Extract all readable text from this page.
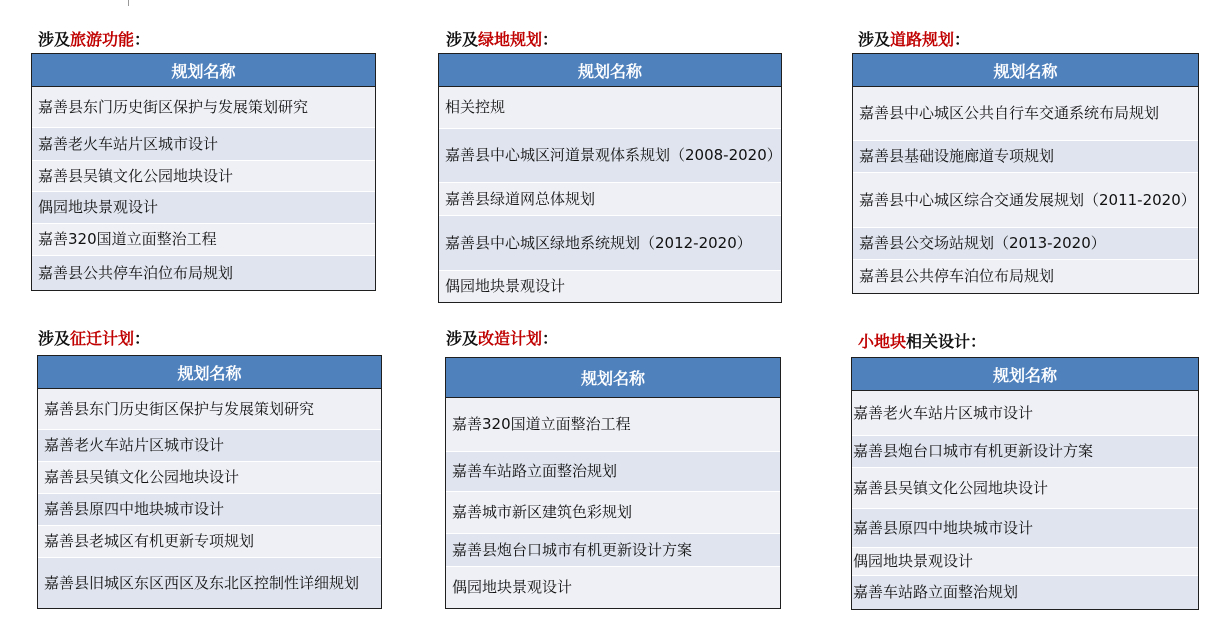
涉及旅游功能：
规划名称
嘉善县东门历史街区保护与发展策划研究
嘉善老火车站片区城市设计
嘉善县吴镇文化公园地块设计
偶园地块景观设计
嘉善320国道立面整治工程
嘉善县公共停车泊位布局规划
涉及绿地规划：
规划名称
相关控规
嘉善县中心城区河道景观体系规划（2008-2020）
嘉善县绿道网总体规划
嘉善县中心城区绿地系统规划（2012-2020）
偶园地块景观设计
涉及道路规划：
规划名称
嘉善县中心城区公共自行车交通系统布局规划
嘉善县基础设施廊道专项规划
嘉善县中心城区综合交通发展规划（2011-2020）
嘉善县公交场站规划（2013-2020）
嘉善县公共停车泊位布局规划
涉及征迁计划：
规划名称
嘉善县东门历史街区保护与发展策划研究
嘉善老火车站片区城市设计
嘉善县吴镇文化公园地块设计
嘉善县原四中地块城市设计
嘉善县老城区有机更新专项规划
嘉善县旧城区东区西区及东北区控制性详细规划
涉及改造计划：
规划名称
嘉善320国道立面整治工程
嘉善车站路立面整治规划
嘉善城市新区建筑色彩规划
嘉善县炮台口城市有机更新设计方案
偶园地块景观设计
小地块相关设计：
规划名称
嘉善老火车站片区城市设计
嘉善县炮台口城市有机更新设计方案
嘉善县吴镇文化公园地块设计
嘉善县原四中地块城市设计
偶园地块景观设计
嘉善车站路立面整治规划
